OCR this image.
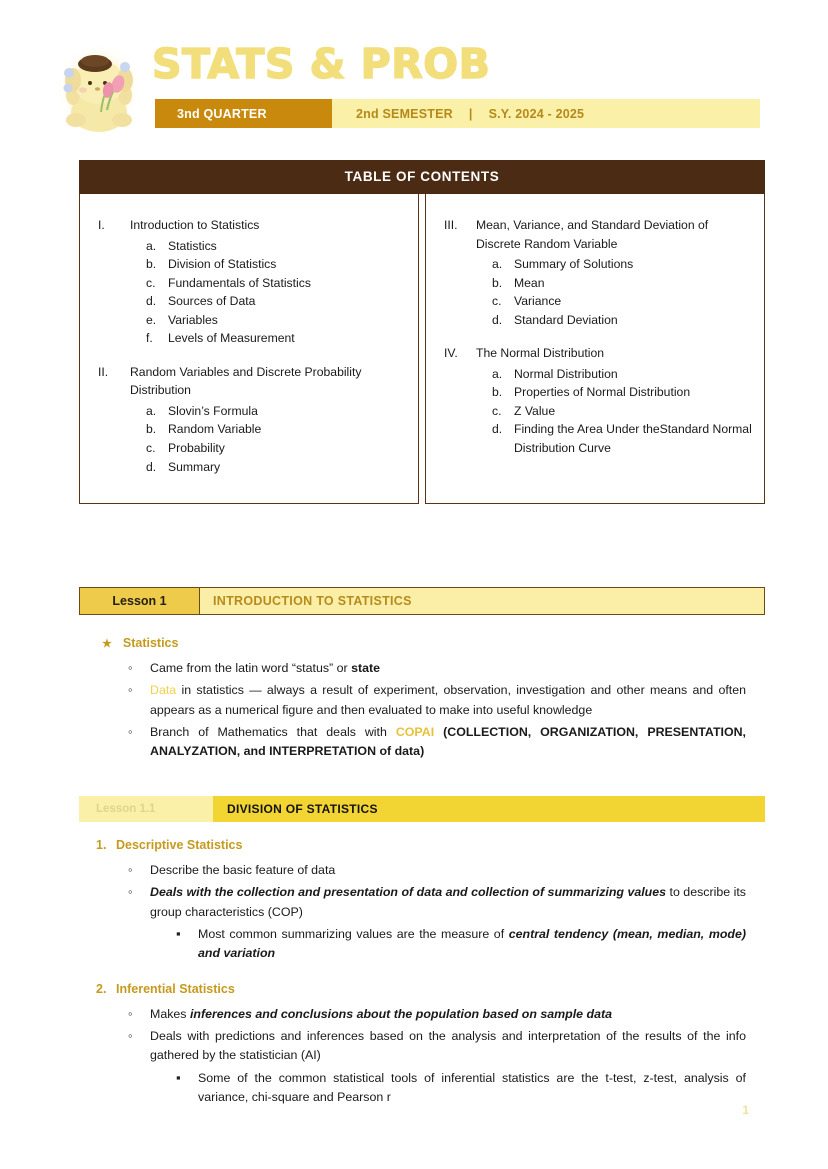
STATS & PROB
3nd QUARTER	2nd SEMESTER | S.Y. 2024 - 2025
TABLE OF CONTENTS
I.	Introduction to Statistics
a. Statistics
b. Division of Statistics
c.	Fundamentals of Statistics
d. Sources of Data
e. Variables
f.	Levels of Measurement
II.	Random Variables and Discrete Probability Distribution
a. Slovin’s Formula
b. Random Variable
c.	Probability
d. Summary
III.	Mean, Variance, and Standard Deviation of Discrete Random Variable
a. Summary of Solutions
b. Mean
c.	Variance
d. Standard Deviation
IV.	The Normal Distribution
a. Normal Distribution
b. Properties of Normal Distribution
c.	Z Value
d. Finding the Area Under theStandard Normal Distribution Curve
Lesson 1	INTRODUCTION TO STATISTICS
★ Statistics
◦ Came from the latin word “status” or state
◦ Data in statistics — always a result of experiment, observation, investigation and other means and often appears as a numerical figure and then evaluated to make into useful knowledge
◦ Branch of Mathematics that deals with COPAI (COLLECTION, ORGANIZATION, PRESENTATION, ANALYZATION, and INTERPRETATION of data)
Lesson 1.1	DIVISION OF STATISTICS
1. Descriptive Statistics
◦ Describe the basic feature of data
◦ Deals with the collection and presentation of data and collection of summarizing values to describe its group characteristics (COP)
▪ Most common summarizing values are the measure of central tendency (mean, median, mode) and variation
2. Inferential Statistics
◦ Makes inferences and conclusions about the population based on sample data
◦ Deals with predictions and inferences based on the analysis and interpretation of the results of the info gathered by the statistician (AI)
▪ Some of the common statistical tools of inferential statistics are the t-test, z-test, analysis of variance, chi-square and Pearson r
1
